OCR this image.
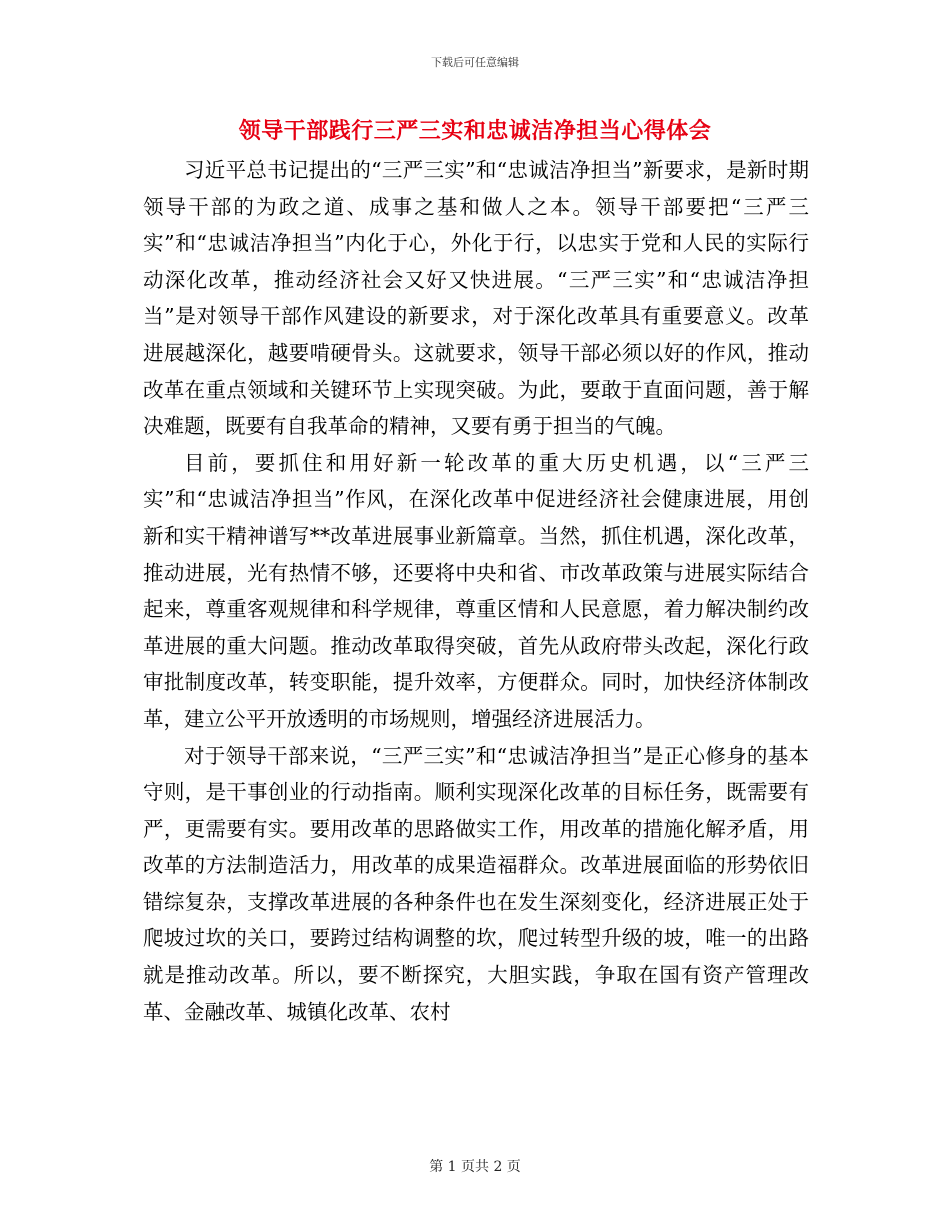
下载后可任意编辑
领导干部践行三严三实和忠诚洁净担当心得体会

习近平总书记提出的“三严三实”和“忠诚洁净担当”新要求，是新时期领导干部的为政之道、成事之基和做人之本。领导干部要把“三严三实”和“忠诚洁净担当”内化于心，外化于行，以忠实于党和人民的实际行动深化改革，推动经济社会又好又快进展。“三严三实”和“忠诚洁净担当”是对领导干部作风建设的新要求，对于深化改革具有重要意义。改革进展越深化，越要啃硬骨头。这就要求，领导干部必须以好的作风，推动改革在重点领域和关键环节上实现突破。为此，要敢于直面问题，善于解决难题，既要有自我革命的精神，又要有勇于担当的气魄。

目前，要抓住和用好新一轮改革的重大历史机遇，以“三严三实”和“忠诚洁净担当”作风，在深化改革中促进经济社会健康进展，用创新和实干精神谱写**改革进展事业新篇章。当然，抓住机遇，深化改革，推动进展，光有热情不够，还要将中央和省、市改革政策与进展实际结合起来，尊重客观规律和科学规律，尊重区情和人民意愿，着力解决制约改革进展的重大问题。推动改革取得突破，首先从政府带头改起，深化行政审批制度改革，转变职能，提升效率，方便群众。同时，加快经济体制改革，建立公平开放透明的市场规则，增强经济进展活力。

对于领导干部来说，“三严三实”和“忠诚洁净担当”是正心修身的基本守则，是干事创业的行动指南。顺利实现深化改革的目标任务，既需要有严，更需要有实。要用改革的思路做实工作，用改革的措施化解矛盾，用改革的方法制造活力，用改革的成果造福群众。改革进展面临的形势依旧错综复杂，支撑改革进展的各种条件也在发生深刻变化，经济进展正处于爬坡过坎的关口，要跨过结构调整的坎，爬过转型升级的坡，唯一的出路就是推动改革。所以，要不断探究，大胆实践，争取在国有资产管理改革、金融改革、城镇化改革、农村

第 1 页共 2 页
